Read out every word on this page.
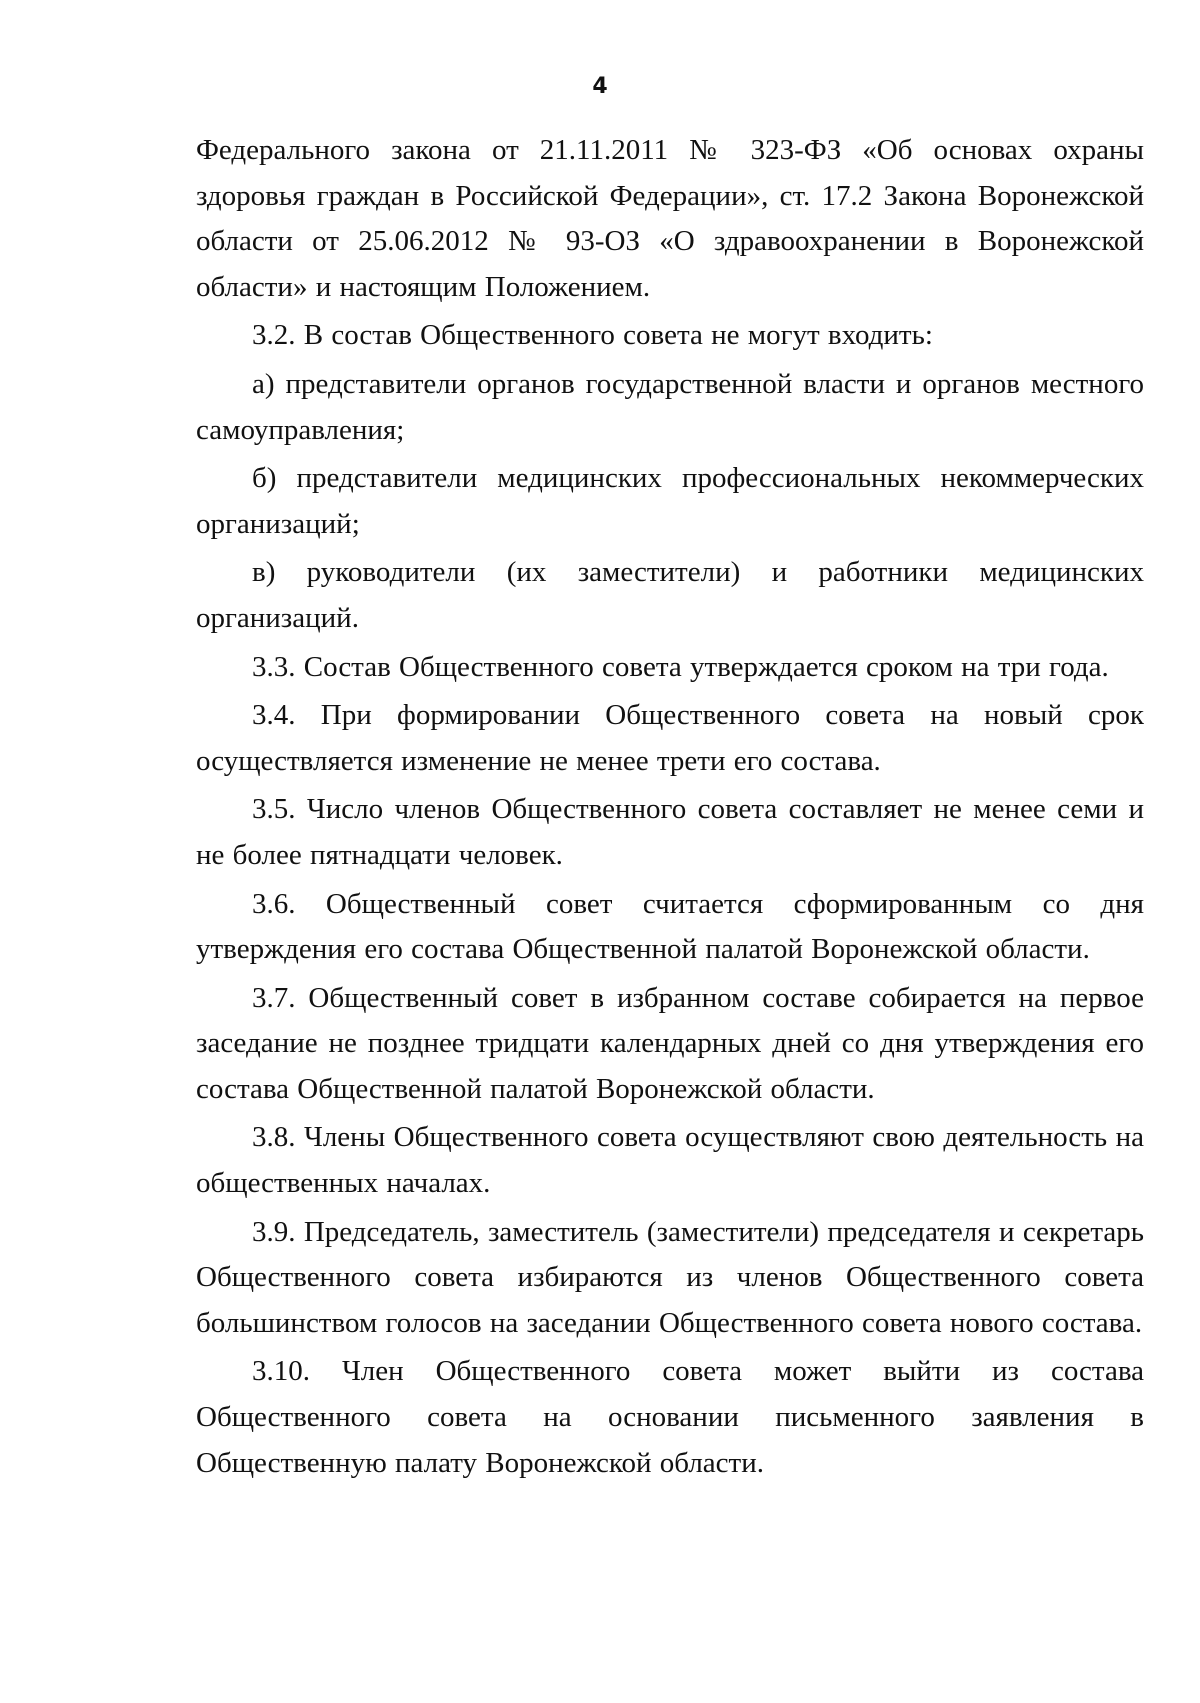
4

Федерального закона от 21.11.2011 № 323-ФЗ «Об основах охраны здоровья граждан в Российской Федерации», ст. 17.2 Закона Воронежской области от 25.06.2012 № 93-ОЗ «О здравоохранении в Воронежской области» и настоящим Положением.

3.2. В состав Общественного совета не могут входить:

а) представители органов государственной власти и органов местного самоуправления;

б) представители медицинских профессиональных некоммерческих организаций;

в) руководители (их заместители) и работники медицинских организаций.

3.3. Состав Общественного совета утверждается сроком на три года.

3.4. При формировании Общественного совета на новый срок осуществляется изменение не менее трети его состава.

3.5. Число членов Общественного совета составляет не менее семи и не более пятнадцати человек.

3.6. Общественный совет считается сформированным со дня утверждения его состава Общественной палатой Воронежской области.

3.7. Общественный совет в избранном составе собирается на первое заседание не позднее тридцати календарных дней со дня утверждения его состава Общественной палатой Воронежской области.

3.8. Члены Общественного совета осуществляют свою деятельность на общественных началах.

3.9. Председатель, заместитель (заместители) председателя и секретарь Общественного совета избираются из членов Общественного совета большинством голосов на заседании Общественного совета нового состава.

3.10. Член Общественного совета может выйти из состава Общественного совета на основании письменного заявления в Общественную палату Воронежской области.
